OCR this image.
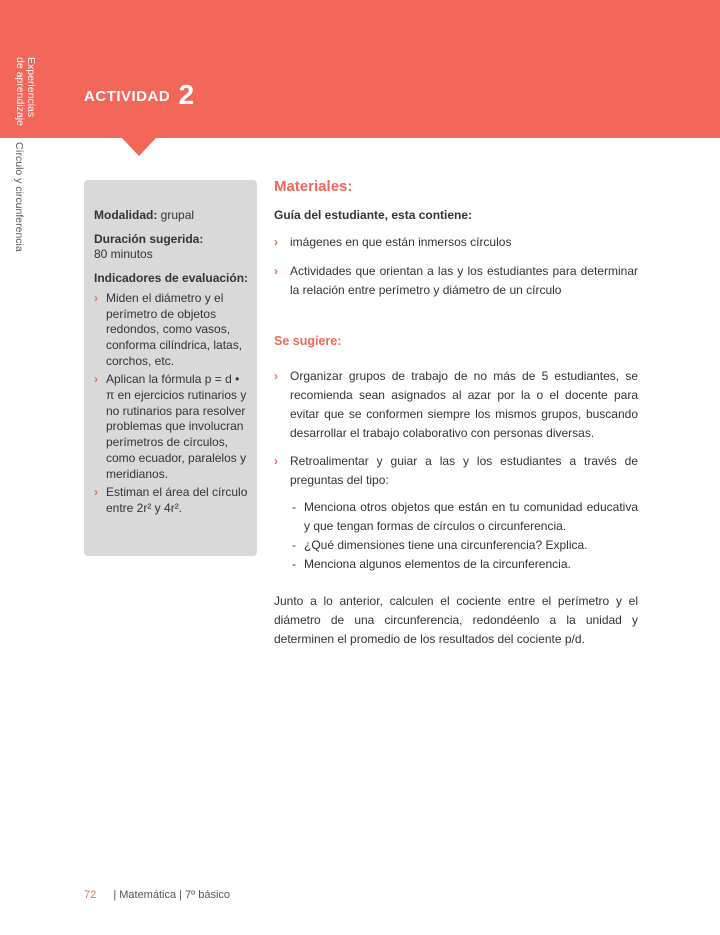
Experiencias
de aprendizaje
Círculo y circunferencia
ACTIVIDAD 2
Modalidad: grupal
Duración sugerida:
80 minutos
Indicadores de evaluación:
› Miden el diámetro y el perímetro de objetos redondos, como vasos, conforma cilíndrica, latas, corchos, etc.
› Aplican la fórmula p = d • π en ejercicios rutinarios y no rutinarios para resolver problemas que involucran perímetros de círculos, como ecuador, paralelos y meridianos.
› Estiman el área del círculo entre 2r² y 4r².
Materiales:
Guía del estudiante, esta contiene:
› imágenes en que están inmersos círculos
› Actividades que orientan a las y los estudiantes para determinar la relación entre perímetro y diámetro de un círculo
Se sugiere:
› Organizar grupos de trabajo de no más de 5 estudiantes, se recomienda sean asignados al azar por la o el docente para evitar que se conformen siempre los mismos grupos, buscando desarrollar el trabajo colaborativo con personas diversas.
› Retroalimentar y guiar a las y los estudiantes a través de preguntas del tipo:
- Menciona otros objetos que están en tu comunidad educativa y que tengan formas de círculos o circunferencia.
- ¿Qué dimensiones tiene una circunferencia? Explica.
- Menciona algunos elementos de la circunferencia.
Junto a lo anterior, calculen el cociente entre el perímetro y el diámetro de una circunferencia, redondéenlo a la unidad y determinen el promedio de los resultados del cociente p/d.
72 | Matemática | 7º básico
